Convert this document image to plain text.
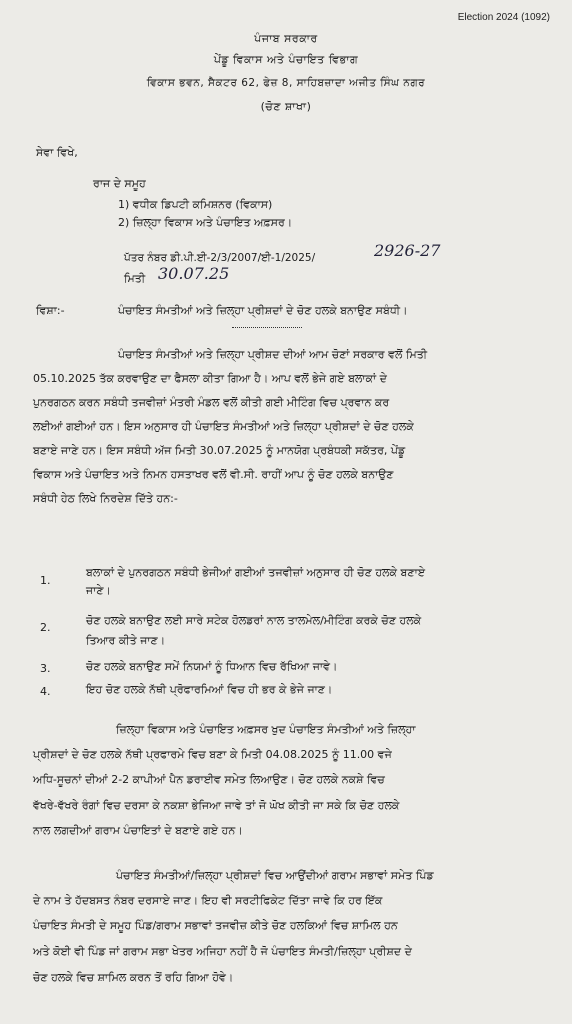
Election 2024 (1092)
ਪੰਜਾਬ ਸਰਕਾਰ
ਪੇਂਡੂ ਵਿਕਾਸ ਅਤੇ ਪੰਚਾਇਤ ਵਿਭਾਗ
ਵਿਕਾਸ ਭਵਨ, ਸੈਕਟਰ 62, ਫੇਜ਼ 8, ਸਾਹਿਬਜ਼ਾਦਾ ਅਜੀਤ ਸਿੰਘ ਨਗਰ
(ਚੋਣ ਸ਼ਾਖਾ)
ਸੇਵਾ ਵਿਖੇ,
ਰਾਜ ਦੇ ਸਮੂਹ
1) ਵਧੀਕ ਡਿਪਟੀ ਕਮਿਸ਼ਨਰ (ਵਿਕਾਸ)
2) ਜ਼ਿਲ੍ਹਾ ਵਿਕਾਸ ਅਤੇ ਪੰਚਾਇਤ ਅਫ਼ਸਰ।
ਪੱਤਰ ਨੰਬਰ ਡੀ.ਪੀ.ਈ-2/3/2007/ਈ-1/2025/	2926-27
ਮਿਤੀ 30.07.25
ਵਿਸ਼ਾ:-	ਪੰਚਾਇਤ ਸੰਮਤੀਆਂ ਅਤੇ ਜ਼ਿਲ੍ਹਾ ਪ੍ਰੀਸ਼ਦਾਂ ਦੇ ਚੋਣ ਹਲਕੇ ਬਨਾਉਣ ਸਬੰਧੀ।
ਪੰਚਾਇਤ ਸੰਮਤੀਆਂ ਅਤੇ ਜ਼ਿਲ੍ਹਾ ਪ੍ਰੀਸ਼ਦ ਦੀਆਂ ਆਮ ਚੋਣਾਂ ਸਰਕਾਰ ਵਲੋਂ ਮਿਤੀ
05.10.2025 ਤੱਕ ਕਰਵਾਉਣ ਦਾ ਫੈਸਲਾ ਕੀਤਾ ਗਿਆ ਹੈ। ਆਪ ਵਲੋਂ ਭੇਜੇ ਗਏ ਬਲਾਕਾਂ ਦੇ
ਪੁਨਰਗਠਨ ਕਰਨ ਸਬੰਧੀ ਤਜਵੀਜ਼ਾਂ ਮੰਤਰੀ ਮੰਡਲ ਵਲੋਂ ਕੀਤੀ ਗਈ ਮੀਟਿੰਗ ਵਿਚ ਪ੍ਰਵਾਨ ਕਰ
ਲਈਆਂ ਗਈਆਂ ਹਨ। ਇਸ ਅਨੁਸਾਰ ਹੀ ਪੰਚਾਇਤ ਸੰਮਤੀਆਂ ਅਤੇ ਜ਼ਿਲ੍ਹਾ ਪ੍ਰੀਸ਼ਦਾਂ ਦੇ ਚੋਣ ਹਲਕੇ
ਬਣਾਏ ਜਾਣੇ ਹਨ। ਇਸ ਸਬੰਧੀ ਅੱਜ ਮਿਤੀ 30.07.2025 ਨੂੰ ਮਾਨਯੋਗ ਪ੍ਰਬੰਧਕੀ ਸਕੱਤਰ, ਪੇਂਡੂ
ਵਿਕਾਸ ਅਤੇ ਪੰਚਾਇਤ ਅਤੇ ਨਿਮਨ ਹਸਤਾਖਰ ਵਲੋਂ ਵੀ.ਸੀ. ਰਾਹੀਂ ਆਪ ਨੂੰ ਚੋਣ ਹਲਕੇ ਬਨਾਉਣ
ਸਬੰਧੀ ਹੇਠ ਲਿਖੇ ਨਿਰਦੇਸ਼ ਦਿੱਤੇ ਹਨ:-
1.
ਬਲਾਕਾਂ ਦੇ ਪੁਨਰਗਠਨ ਸਬੰਧੀ ਭੇਜੀਆਂ ਗਈਆਂ ਤਜਵੀਜ਼ਾਂ ਅਨੁਸਾਰ ਹੀ ਚੋਣ ਹਲਕੇ ਬਣਾਏ
ਜਾਣੇ।
2.
ਚੋਣ ਹਲਕੇ ਬਨਾਉਣ ਲਈ ਸਾਰੇ ਸਟੇਕ ਹੋਲਡਰਾਂ ਨਾਲ ਤਾਲਮੇਲ/ਮੀਟਿੰਗ ਕਰਕੇ ਚੋਣ ਹਲਕੇ
ਤਿਆਰ ਕੀਤੇ ਜਾਣ।
3.	ਚੋਣ ਹਲਕੇ ਬਨਾਉਣ ਸਮੇਂ ਨਿਯਮਾਂ ਨੂੰ ਧਿਆਨ ਵਿਚ ਰੱਖਿਆ ਜਾਵੇ।
4.	ਇਹ ਚੋਣ ਹਲਕੇ ਨੱਥੀ ਪ੍ਰੋਫਾਰਮਿਆਂ ਵਿਚ ਹੀ ਭਰ ਕੇ ਭੇਜੇ ਜਾਣ।
ਜ਼ਿਲ੍ਹਾ ਵਿਕਾਸ ਅਤੇ ਪੰਚਾਇਤ ਅਫ਼ਸਰ ਖੁਦ ਪੰਚਾਇਤ ਸੰਮਤੀਆਂ ਅਤੇ ਜ਼ਿਲ੍ਹਾ
ਪ੍ਰੀਸ਼ਦਾਂ ਦੇ ਚੋਣ ਹਲਕੇ ਨੱਥੀ ਪ੍ਰਫਾਰਮੇ ਵਿਚ ਬਣਾ ਕੇ ਮਿਤੀ 04.08.2025 ਨੂੰ 11.00 ਵਜੇ
ਅਧਿ-ਸੂਚਨਾਂ ਦੀਆਂ 2-2 ਕਾਪੀਆਂ ਪੈਨ ਡਰਾਈਵ ਸਮੇਤ ਲਿਆਉਣ। ਚੋਣ ਹਲਕੇ ਨਕਸ਼ੇ ਵਿਚ
ਵੱਖਰੇ-ਵੱਖਰੇ ਰੰਗਾਂ ਵਿਚ ਦਰਸਾ ਕੇ ਨਕਸ਼ਾ ਭੇਜਿਆ ਜਾਵੇ ਤਾਂ ਜੋ ਘੋਖ ਕੀਤੀ ਜਾ ਸਕੇ ਕਿ ਚੋਣ ਹਲਕੇ
ਨਾਲ ਲਗਦੀਆਂ ਗਰਾਮ ਪੰਚਾਇਤਾਂ ਦੇ ਬਣਾਏ ਗਏ ਹਨ।
ਪੰਚਾਇਤ ਸੰਮਤੀਆਂ/ਜ਼ਿਲ੍ਹਾ ਪ੍ਰੀਸ਼ਦਾਂ ਵਿਚ ਆਉਂਦੀਆਂ ਗਰਾਮ ਸਭਾਵਾਂ ਸਮੇਤ ਪਿੰਡ
ਦੇ ਨਾਮ ਤੇ ਹੱਦਬਸਤ ਨੰਬਰ ਦਰਸਾਏ ਜਾਣ। ਇਹ ਵੀ ਸਰਟੀਫਿਕੇਟ ਦਿੱਤਾ ਜਾਵੇ ਕਿ ਹਰ ਇੱਕ
ਪੰਚਾਇਤ ਸੰਮਤੀ ਦੇ ਸਮੂਹ ਪਿੰਡ/ਗਰਾਮ ਸਭਾਵਾਂ ਤਜਵੀਜ਼ ਕੀਤੇ ਚੋਣ ਹਲਕਿਆਂ ਵਿਚ ਸ਼ਾਮਿਲ ਹਨ
ਅਤੇ ਕੋਈ ਵੀ ਪਿੰਡ ਜਾਂ ਗਰਾਮ ਸਭਾ ਖੇਤਰ ਅਜਿਹਾ ਨਹੀਂ ਹੈ ਜੋ ਪੰਚਾਇਤ ਸੰਮਤੀ/ਜ਼ਿਲ੍ਹਾ ਪ੍ਰੀਸ਼ਦ ਦੇ
ਚੋਣ ਹਲਕੇ ਵਿਚ ਸ਼ਾਮਿਲ ਕਰਨ ਤੋਂ ਰਹਿ ਗਿਆ ਹੋਵੇ।
